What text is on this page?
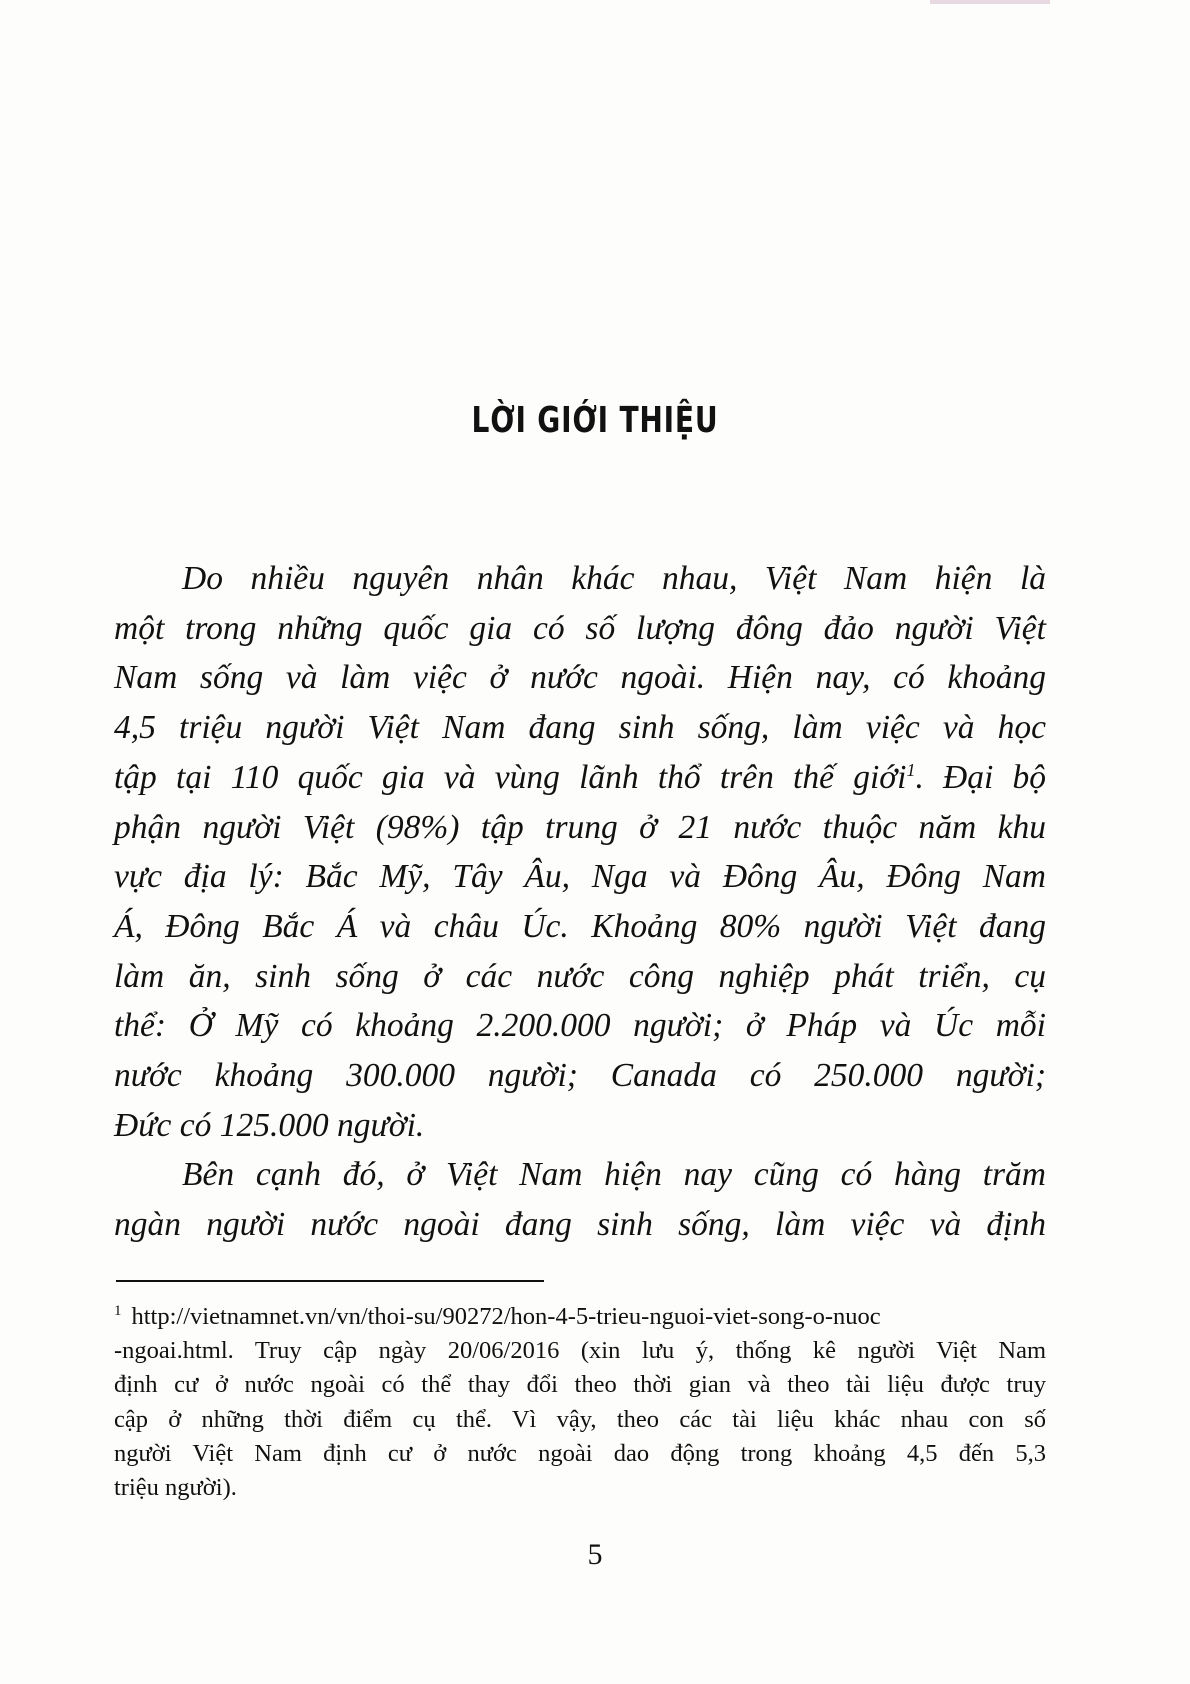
LỜI GIỚI THIỆU
Do nhiều nguyên nhân khác nhau, Việt Nam hiện là
một trong những quốc gia có số lượng đông đảo người Việt
Nam sống và làm việc ở nước ngoài. Hiện nay, có khoảng
4,5 triệu người Việt Nam đang sinh sống, làm việc và học
tập tại 110 quốc gia và vùng lãnh thổ trên thế giới$^1$. Đại bộ
phận người Việt (98%) tập trung ở 21 nước thuộc năm khu
vực địa lý: Bắc Mỹ, Tây Âu, Nga và Đông Âu, Đông Nam
Á, Đông Bắc Á và châu Úc. Khoảng 80% người Việt đang
làm ăn, sinh sống ở các nước công nghiệp phát triển, cụ
thể: Ở Mỹ có khoảng 2.200.000 người; ở Pháp và Úc mỗi
nước khoảng 300.000 người; Canada có 250.000 người;
Đức có 125.000 người.
Bên cạnh đó, ở Việt Nam hiện nay cũng có hàng trăm
ngàn người nước ngoài đang sinh sống, làm việc và định
$^1$ http://vietnamnet.vn/vn/thoi-su/90272/hon-4-5-trieu-nguoi-viet-song-o-nuoc
-ngoai.html. Truy cập ngày 20/06/2016 (xin lưu ý, thống kê người Việt Nam
định cư ở nước ngoài có thể thay đổi theo thời gian và theo tài liệu được truy
cập ở những thời điểm cụ thể. Vì vậy, theo các tài liệu khác nhau con số
người Việt Nam định cư ở nước ngoài dao động trong khoảng 4,5 đến 5,3
triệu người).
5
